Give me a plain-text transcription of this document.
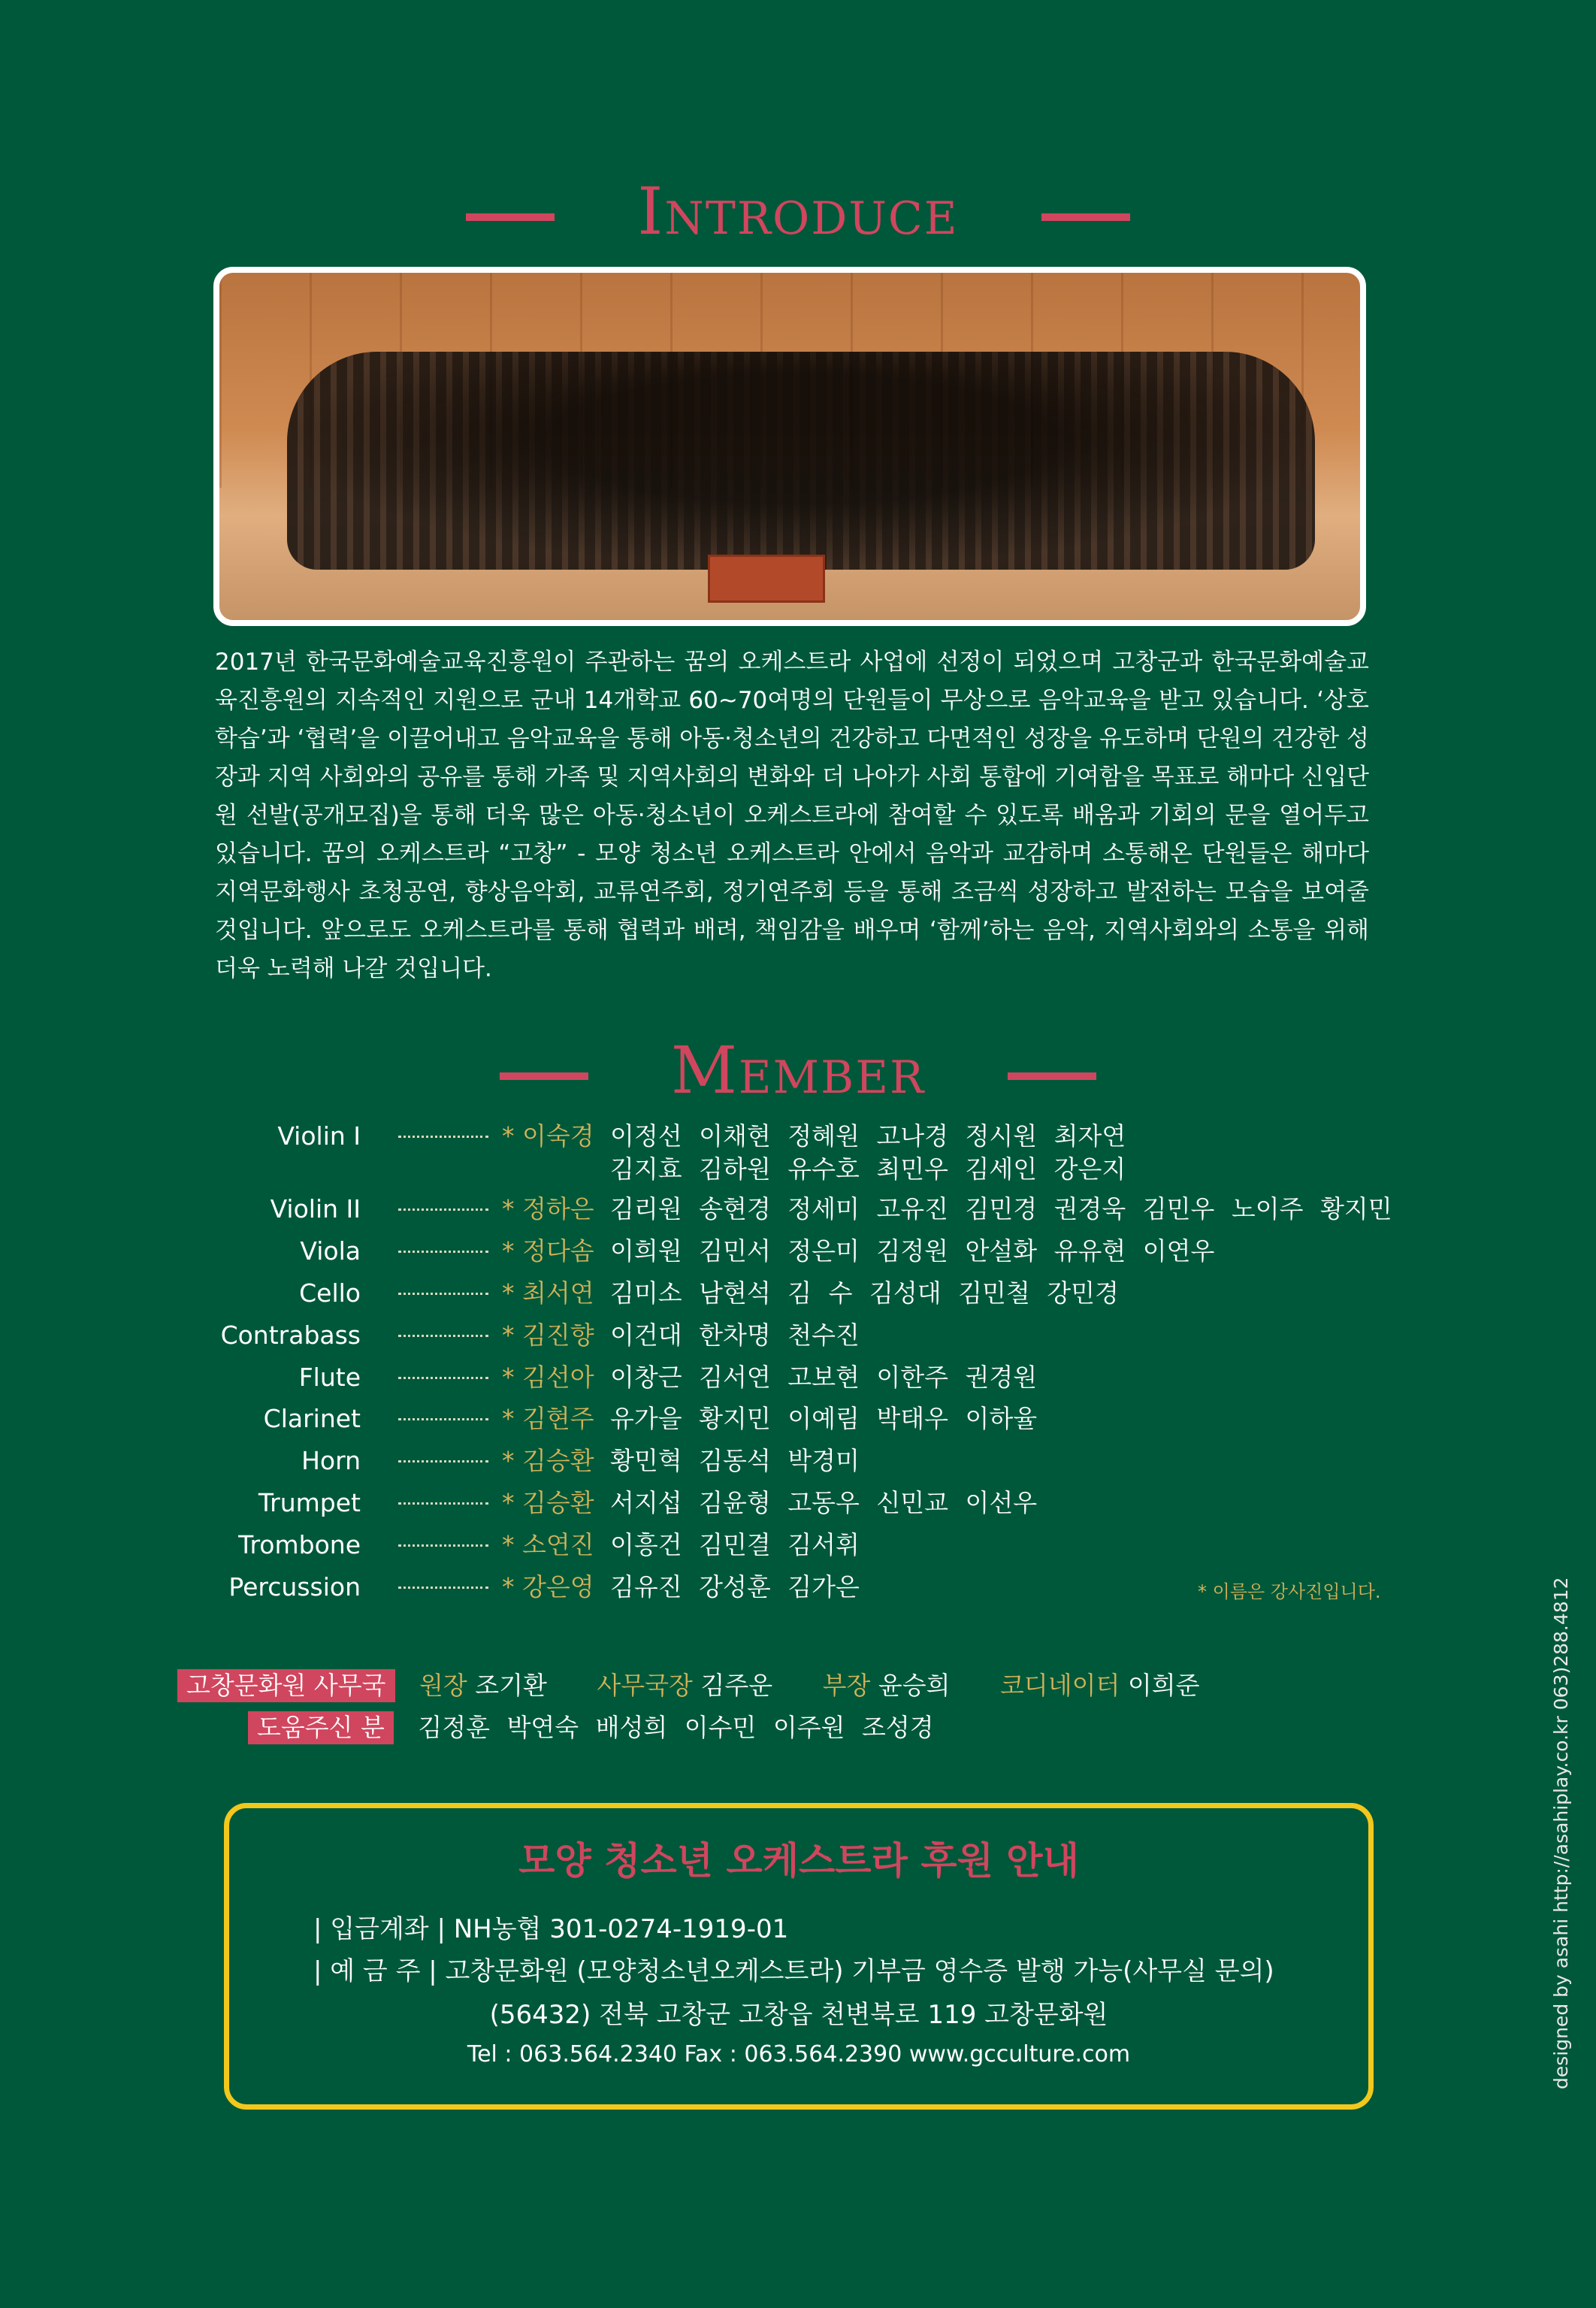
Introduce
2017년 한국문화예술교육진흥원이 주관하는 꿈의 오케스트라 사업에 선정이 되었으며 고창군과 한국문화예술교육진흥원의 지속적인 지원으로 군내 14개학교 60~70여명의 단원들이 무상으로 음악교육을 받고 있습니다. ‘상호 학습’과 ‘협력’을 이끌어내고 음악교육을 통해 아동·청소년의 건강하고 다면적인 성장을 유도하며 단원의 건강한 성장과 지역 사회와의 공유를 통해 가족 및 지역사회의 변화와 더 나아가 사회 통합에 기여함을 목표로 해마다 신입단원 선발(공개모집)을 통해 더욱 많은 아동·청소년이 오케스트라에 참여할 수 있도록 배움과 기회의 문을 열어두고 있습니다. 꿈의 오케스트라 “고창” - 모양 청소년 오케스트라 안에서 음악과 교감하며 소통해온 단원들은 해마다 지역문화행사 초청공연, 향상음악회, 교류연주회, 정기연주회 등을 통해 조금씩 성장하고 발전하는 모습을 보여줄 것입니다. 앞으로도 오케스트라를 통해 협력과 배려, 책임감을 배우며 ‘함께’하는 음악, 지역사회와의 소통을 위해 더욱 노력해 나갈 것입니다.
Member
Violin Ⅰ	* 이숙경 이정선 이채현 정혜원 고나경 정시원 최자연
김지효 김하원 유수호 최민우 김세인 강은지
Violin II	* 정하은 김리원 송현경 정세미 고유진 김민경 권경욱 김민우 노이주 황지민
Viola	* 정다솜 이희원 김민서 정은미 김정원 안설화 유유현 이연우
Cello	* 최서연 김미소 남현석 김 수 김성대 김민철 강민경
Contrabass	* 김진향 이건대 한차명 천수진
Flute	* 김선아 이창근 김서연 고보현 이한주 권경원
Clarinet	* 김현주 유가을 황지민 이예림 박태우 이하율
Horn	* 김승환 황민혁 김동석 박경미
Trumpet	* 김승환 서지섭 김윤형 고동우 신민교 이선우
Trombone	* 소연진 이흥건 김민결 김서휘
Percussion	* 강은영 김유진 강성훈 김가은	* 이름은 강사진입니다.
고창문화원 사무국 원장 조기환 사무국장 김주운 부장 윤승희 코디네이터 이희준
도움주신 분 김정훈 박연숙 배성희 이수민 이주원 조성경
모양 청소년 오케스트라 후원 안내
| 입금계좌 | NH농협 301-0274-1919-01
| 예 금 주 | 고창문화원 (모양청소년오케스트라) 기부금 영수증 발행 가능(사무실 문의)
(56432) 전북 고창군 고창읍 천변북로 119 고창문화원
Tel : 063.564.2340 Fax : 063.564.2390 www.gcculture.com	designed by asahi http://asahiplay.co.kr 063)288.4812
